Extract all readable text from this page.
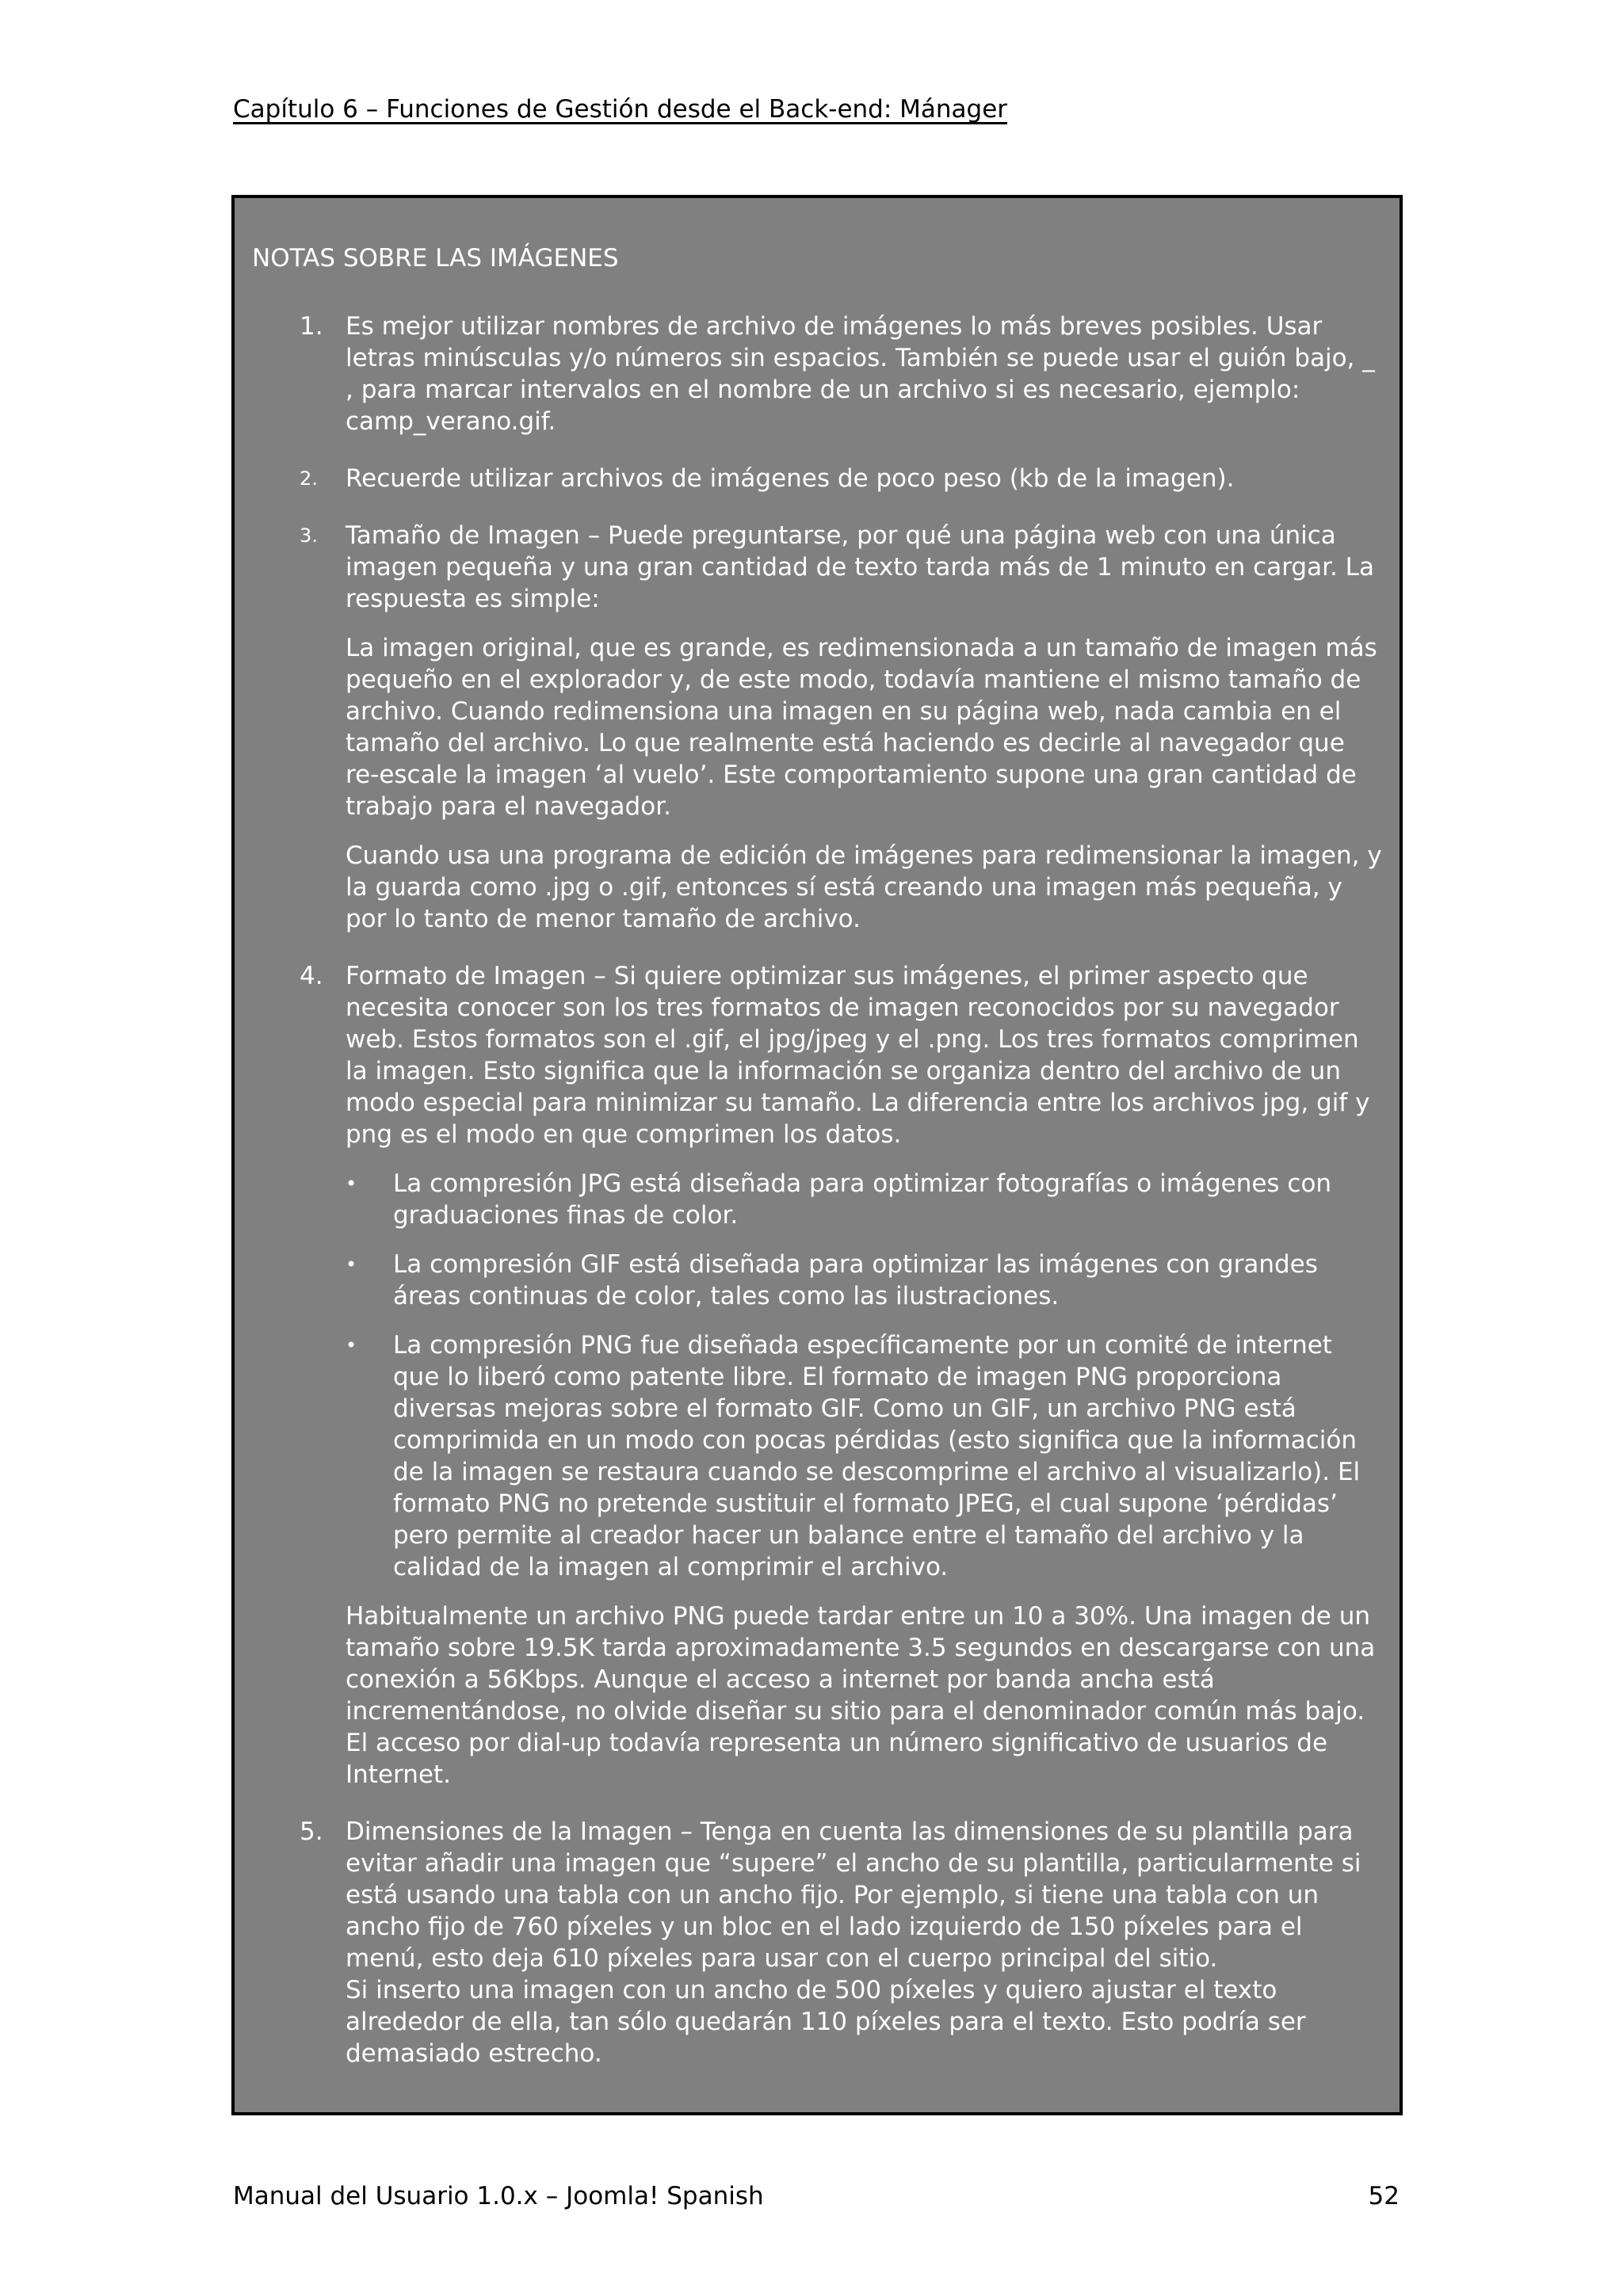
Capítulo 6 – Funciones de Gestión desde el Back-end: Mánager
NOTAS SOBRE LAS IMÁGENES
1. Es mejor utilizar nombres de archivo de imágenes lo más breves posibles. Usar letras minúsculas y/o números sin espacios. También se puede usar el guión bajo, _ , para marcar intervalos en el nombre de un archivo si es necesario, ejemplo: camp_verano.gif.

2. Recuerde utilizar archivos de imágenes de poco peso (kb de la imagen).

3. Tamaño de Imagen – Puede preguntarse, por qué una página web con una única imagen pequeña y una gran cantidad de texto tarda más de 1 minuto en cargar. La respuesta es simple:

La imagen original, que es grande, es redimensionada a un tamaño de imagen más pequeño en el explorador y, de este modo, todavía mantiene el mismo tamaño de archivo. Cuando redimensiona una imagen en su página web, nada cambia en el tamaño del archivo. Lo que realmente está haciendo es decirle al navegador que re-escale la imagen ‘al vuelo’. Este comportamiento supone una gran cantidad de trabajo para el navegador.

Cuando usa una programa de edición de imágenes para redimensionar la imagen, y la guarda como .jpg o .gif, entonces sí está creando una imagen más pequeña, y por lo tanto de menor tamaño de archivo.

4. Formato de Imagen – Si quiere optimizar sus imágenes, el primer aspecto que necesita conocer son los tres formatos de imagen reconocidos por su navegador web. Estos formatos son el .gif, el jpg/jpeg y el .png. Los tres formatos comprimen la imagen. Esto significa que la información se organiza dentro del archivo de un modo especial para minimizar su tamaño. La diferencia entre los archivos jpg, gif y png es el modo en que comprimen los datos.

• La compresión JPG está diseñada para optimizar fotografías o imágenes con graduaciones finas de color.
• La compresión GIF está diseñada para optimizar las imágenes con grandes áreas continuas de color, tales como las ilustraciones.
• La compresión PNG fue diseñada específicamente por un comité de internet que lo liberó como patente libre. El formato de imagen PNG proporciona diversas mejoras sobre el formato GIF. Como un GIF, un archivo PNG está comprimida en un modo con pocas pérdidas (esto significa que la información de la imagen se restaura cuando se descomprime el archivo al visualizarlo). El formato PNG no pretende sustituir el formato JPEG, el cual supone ‘pérdidas’ pero permite al creador hacer un balance entre el tamaño del archivo y la calidad de la imagen al comprimir el archivo.

Habitualmente un archivo PNG puede tardar entre un 10 a 30%. Una imagen de un tamaño sobre 19.5K tarda aproximadamente 3.5 segundos en descargarse con una conexión a 56Kbps. Aunque el acceso a internet por banda ancha está incrementándose, no olvide diseñar su sitio para el denominador común más bajo. El acceso por dial-up todavía representa un número significativo de usuarios de Internet.

5. Dimensiones de la Imagen – Tenga en cuenta las dimensiones de su plantilla para evitar añadir una imagen que “supere” el ancho de su plantilla, particularmente si está usando una tabla con un ancho fijo. Por ejemplo, si tiene una tabla con un ancho fijo de 760 píxeles y un bloc en el lado izquierdo de 150 píxeles para el menú, esto deja 610 píxeles para usar con el cuerpo principal del sitio.

Si inserto una imagen con un ancho de 500 píxeles y quiero ajustar el texto alrededor de ella, tan sólo quedarán 110 píxeles para el texto. Esto podría ser demasiado estrecho.

Manual del Usuario 1.0.x – Joomla! Spanish	52
